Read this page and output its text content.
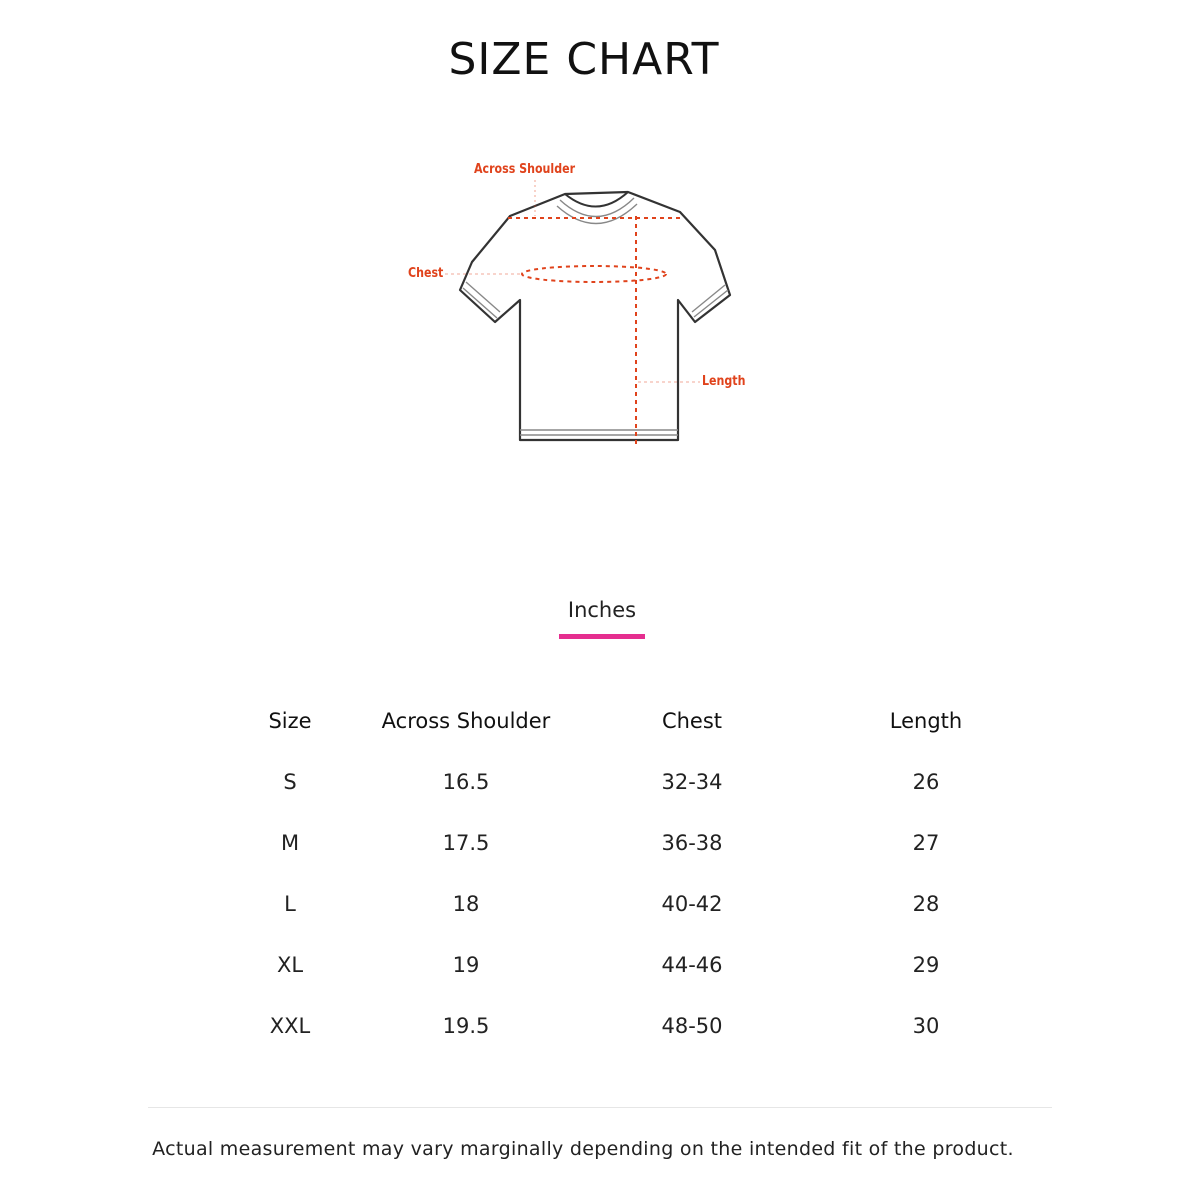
SIZE CHART
Across Shoulder
Chest
Length
Inches
Size	Across Shoulder	Chest	Length
S	16.5	32-34	26
M	17.5	36-38	27
L	18	40-42	28
XL	19	44-46	29
XXL	19.5	48-50	30
Actual measurement may vary marginally depending on the intended fit of the product.
